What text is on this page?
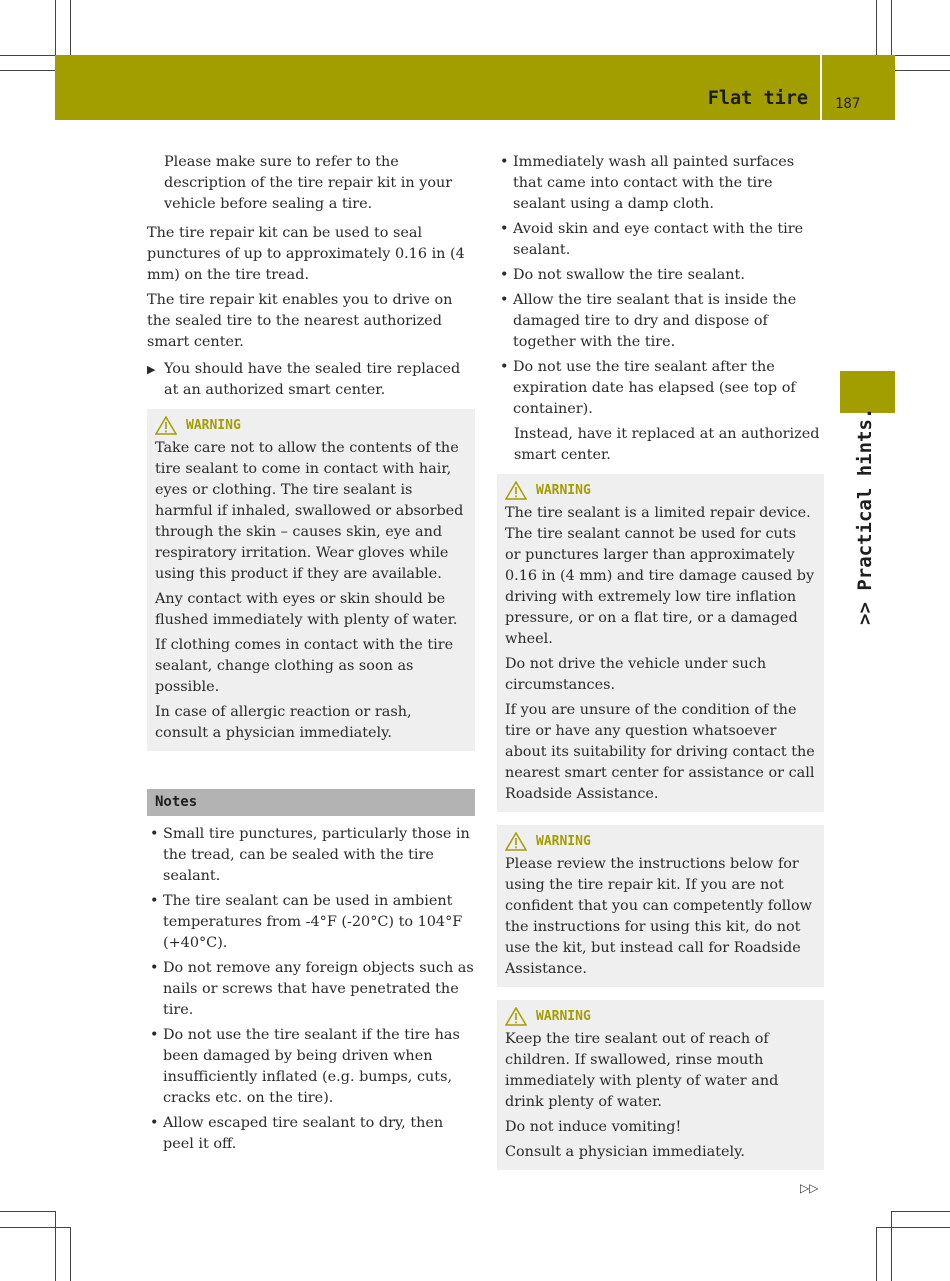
Flat tire 187
>> Practical hints.

Please make sure to refer to the description of the tire repair kit in your vehicle before sealing a tire.

The tire repair kit can be used to seal punctures of up to approximately 0.16 in (4 mm) on the tire tread.

The tire repair kit enables you to drive on the sealed tire to the nearest authorized smart center.

▶ You should have the sealed tire replaced at an authorized smart center.
WARNING

Take care not to allow the contents of the tire sealant to come in contact with hair, eyes or clothing. The tire sealant is harmful if inhaled, swallowed or absorbed through the skin – causes skin, eye and respiratory irritation. Wear gloves while using this product if they are available.

Any contact with eyes or skin should be flushed immediately with plenty of water.

If clothing comes in contact with the tire sealant, change clothing as soon as possible.

In case of allergic reaction or rash, consult a physician immediately.

Notes
• Small tire punctures, particularly those in the tread, can be sealed with the tire sealant.
• The tire sealant can be used in ambient temperatures from -4°F (-20°C) to 104°F (+40°C).
• Do not remove any foreign objects such as nails or screws that have penetrated the tire.
• Do not use the tire sealant if the tire has been damaged by being driven when insufficiently inflated (e.g. bumps, cuts, cracks etc. on the tire).
• Allow escaped tire sealant to dry, then peel it off.
• Immediately wash all painted surfaces that came into contact with the tire sealant using a damp cloth.
• Avoid skin and eye contact with the tire sealant.
• Do not swallow the tire sealant.
• Allow the tire sealant that is inside the damaged tire to dry and dispose of together with the tire.
• Do not use the tire sealant after the expiration date has elapsed (see top of container).

Instead, have it replaced at an authorized smart center.

WARNING

The tire sealant is a limited repair device. The tire sealant cannot be used for cuts or punctures larger than approximately 0.16 in (4 mm) and tire damage caused by driving with extremely low tire inflation pressure, or on a flat tire, or a damaged wheel.

Do not drive the vehicle under such circumstances.

If you are unsure of the condition of the tire or have any question whatsoever about its suitability for driving contact the nearest smart center for assistance or call Roadside Assistance.

WARNING

Please review the instructions below for using the tire repair kit. If you are not confident that you can competently follow the instructions for using this kit, do not use the kit, but instead call for Roadside Assistance.

WARNING

Keep the tire sealant out of reach of children. If swallowed, rinse mouth immediately with plenty of water and drink plenty of water.

Do not induce vomiting!

Consult a physician immediately.

▷▷
